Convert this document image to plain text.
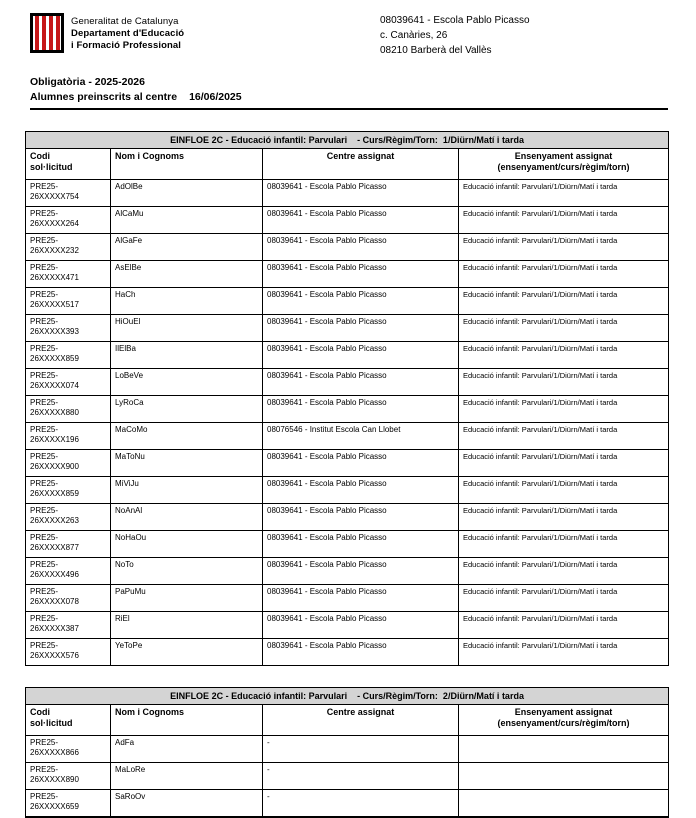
Generalitat de Catalunya
Departament d'Educació
i Formació Professional
08039641 - Escola Pablo Picasso
c. Canàries, 26
08210 Barberà del Vallès
Obligatòria - 2025-2026
Alumnes preinscrits al centre 16/06/2025
EINFLOE 2C - Educació infantil: Parvulari    - Curs/Règim/Torn:  1/Diürn/Matí i tarda			

Codi
sol·licitud
	Nom i Cognoms	Centre assignat	Ensenyament assignat
(ensenyament/curs/règim/torn)

PRE25-
26XXXXX754	AdOlBe	08039641 - Escola Pablo Picasso	Educació infantil: Parvulari/1/Diürn/Matí i tarda

PRE25-
26XXXXX264	AlCaMu	08039641 - Escola Pablo Picasso	Educació infantil: Parvulari/1/Diürn/Matí i tarda

PRE25-
26XXXXX232	AlGaFe	08039641 - Escola Pablo Picasso	Educació infantil: Parvulari/1/Diürn/Matí i tarda

PRE25-
26XXXXX471	AsElBe	08039641 - Escola Pablo Picasso	Educació infantil: Parvulari/1/Diürn/Matí i tarda

PRE25-
26XXXXX517	HaCh	08039641 - Escola Pablo Picasso	Educació infantil: Parvulari/1/Diürn/Matí i tarda

PRE25-
26XXXXX393	HiOuEl	08039641 - Escola Pablo Picasso	Educació infantil: Parvulari/1/Diürn/Matí i tarda

PRE25-
26XXXXX859	IlElBa	08039641 - Escola Pablo Picasso	Educació infantil: Parvulari/1/Diürn/Matí i tarda

PRE25-
26XXXXX074	LoBeVe	08039641 - Escola Pablo Picasso	Educació infantil: Parvulari/1/Diürn/Matí i tarda

PRE25-
26XXXXX880	LyRoCa	08039641 - Escola Pablo Picasso	Educació infantil: Parvulari/1/Diürn/Matí i tarda

PRE25-
26XXXXX196	MaCoMo	08076546 - Institut Escola Can Llobet	Educació infantil: Parvulari/1/Diürn/Matí i tarda

PRE25-
26XXXXX900	MaToNu	08039641 - Escola Pablo Picasso	Educació infantil: Parvulari/1/Diürn/Matí i tarda

PRE25-
26XXXXX859	MiViJu	08039641 - Escola Pablo Picasso	Educació infantil: Parvulari/1/Diürn/Matí i tarda

PRE25-
26XXXXX263	NoAnAl	08039641 - Escola Pablo Picasso	Educació infantil: Parvulari/1/Diürn/Matí i tarda

PRE25-
26XXXXX877	NoHaOu	08039641 - Escola Pablo Picasso	Educació infantil: Parvulari/1/Diürn/Matí i tarda

PRE25-
26XXXXX496	NoTo	08039641 - Escola Pablo Picasso	Educació infantil: Parvulari/1/Diürn/Matí i tarda

PRE25-
26XXXXX078	PaPuMu	08039641 - Escola Pablo Picasso	Educació infantil: Parvulari/1/Diürn/Matí i tarda

PRE25-
26XXXXX387	RiEl	08039641 - Escola Pablo Picasso	Educació infantil: Parvulari/1/Diürn/Matí i tarda

PRE25-
26XXXXX576	YeToPe	08039641 - Escola Pablo Picasso	Educació infantil: Parvulari/1/Diürn/Matí i tarda
EINFLOE 2C - Educació infantil: Parvulari    - Curs/Règim/Torn:  2/Diürn/Matí i tarda			

Codi
sol·licitud
	Nom i Cognoms	Centre assignat	Ensenyament assignat
(ensenyament/curs/règim/torn)

PRE25-
26XXXXX866	AdFa	-	

PRE25-
26XXXXX890	MaLoRe	-	

PRE25-
26XXXXX659	SaRoOv	-	
